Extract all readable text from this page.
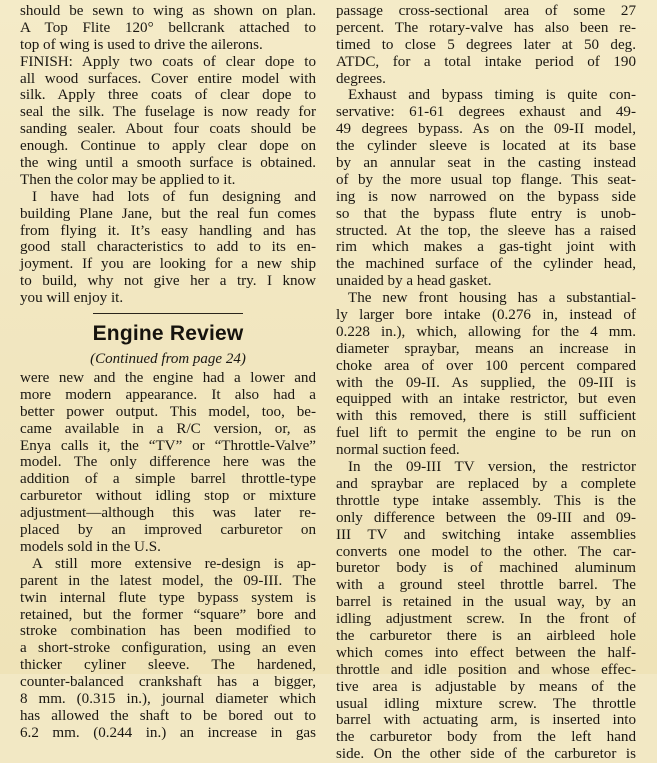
should be sewn to wing as shown on plan.
A Top Flite 120° bellcrank attached to
top of wing is used to drive the ailerons.
FINISH: Apply two coats of clear dope to
all wood surfaces. Cover entire model with
silk. Apply three coats of clear dope to
seal the silk. The fuselage is now ready for
sanding sealer. About four coats should be
enough. Continue to apply clear dope on
the wing until a smooth surface is obtained.
Then the color may be applied to it.
I have had lots of fun designing and
building Plane Jane, but the real fun comes
from flying it. It’s easy handling and has
good stall characteristics to add to its en-
joyment. If you are looking for a new ship
to build, why not give her a try. I know
you will enjoy it.
Engine Review
(Continued from page 24)
were new and the engine had a lower and
more modern appearance. It also had a
better power output. This model, too, be-
came available in a R/C version, or, as
Enya calls it, the “TV” or “Throttle-Valve”
model. The only difference here was the
addition of a simple barrel throttle-type
carburetor without idling stop or mixture
adjustment—although this was later re-
placed by an improved carburetor on
models sold in the U.S.
A still more extensive re-design is ap-
parent in the latest model, the 09-III. The
twin internal flute type bypass system is
retained, but the former “square” bore and
stroke combination has been modified to
a short-stroke configuration, using an even
thicker cyliner sleeve. The hardened,
counter-balanced crankshaft has a bigger,
8 mm. (0.315 in.), journal diameter which
has allowed the shaft to be bored out to
6.2 mm. (0.244 in.) an increase in gas
passage cross-sectional area of some 27
percent. The rotary-valve has also been re-
timed to close 5 degrees later at 50 deg.
ATDC, for a total intake period of 190
degrees.
Exhaust and bypass timing is quite con-
servative: 61-61 degrees exhaust and 49-
49 degrees bypass. As on the 09-II model,
the cylinder sleeve is located at its base
by an annular seat in the casting instead
of by the more usual top flange. This seat-
ing is now narrowed on the bypass side
so that the bypass flute entry is unob-
structed. At the top, the sleeve has a raised
rim which makes a gas-tight joint with
the machined surface of the cylinder head,
unaided by a head gasket.
The new front housing has a substantial-
ly larger bore intake (0.276 in, instead of
0.228 in.), which, allowing for the 4 mm.
diameter spraybar, means an increase in
choke area of over 100 percent compared
with the 09-II. As supplied, the 09-III is
equipped with an intake restrictor, but even
with this removed, there is still sufficient
fuel lift to permit the engine to be run on
normal suction feed.
In the 09-III TV version, the restrictor
and spraybar are replaced by a complete
throttle type intake assembly. This is the
only difference between the 09-III and 09-
III TV and switching intake assemblies
converts one model to the other. The car-
buretor body is of machined aluminum
with a ground steel throttle barrel. The
barrel is retained in the usual way, by an
idling adjustment screw. In the front of
the carburetor there is an airbleed hole
which comes into effect between the half-
throttle and idle position and whose effec-
tive area is adjustable by means of the
usual idling mixture screw. The throttle
barrel with actuating arm, is inserted into
the carburetor body from the left hand
side. On the other side of the carburetor is
